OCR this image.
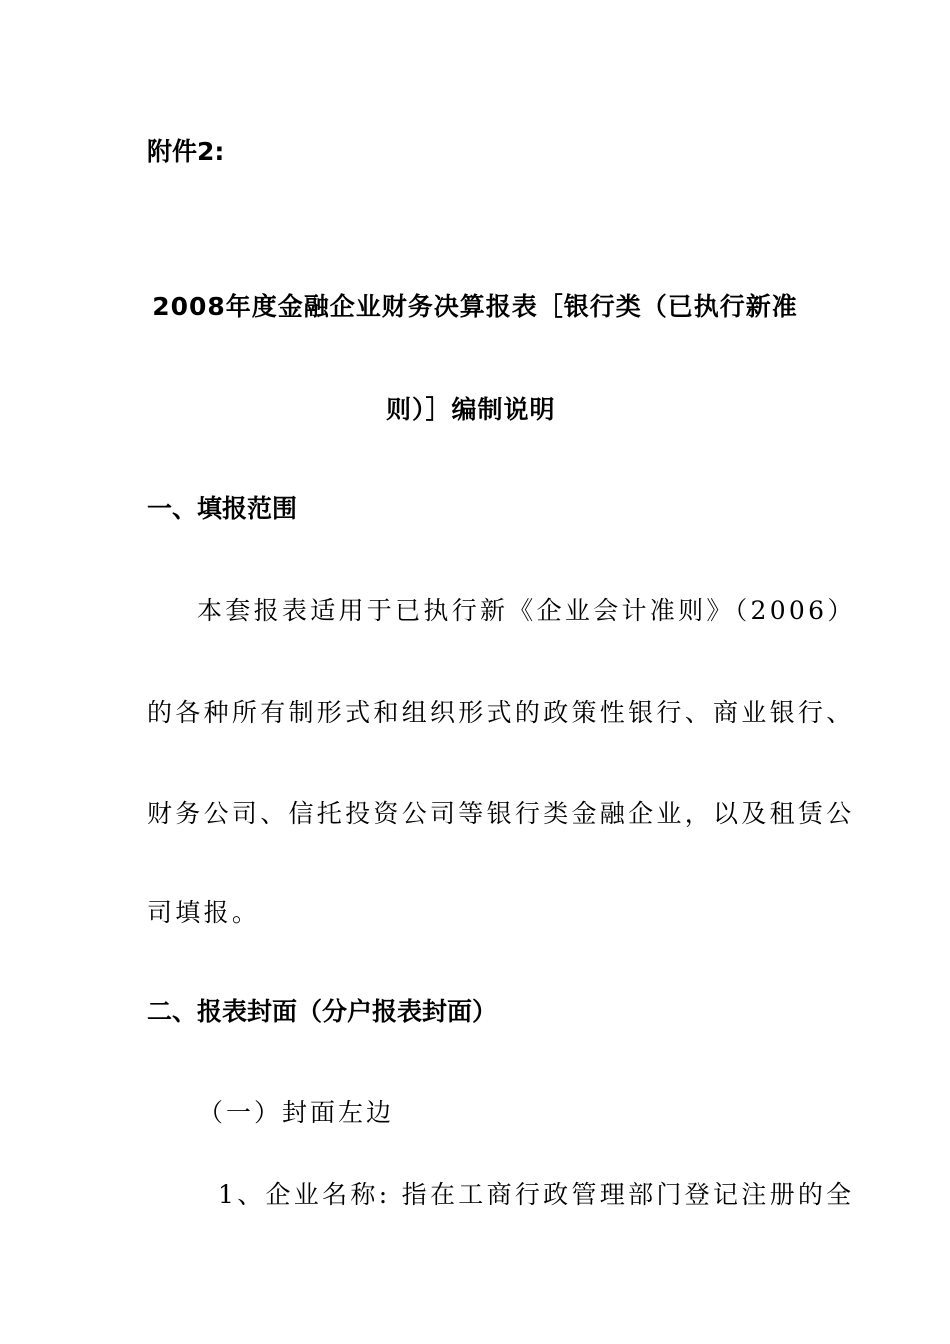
附件2:
2008年度金融企业财务决算报表［银行类（已执行新准
则）］编制说明
一、填报范围
本套报表适用于已执行新《企业会计准则》（2006）
的各种所有制形式和组织形式的政策性银行、商业银行、
财务公司、信托投资公司等银行类金融企业，以及租赁公
司填报。
二、报表封面（分户报表封面）
（一）封面左边
1、企业名称: 指在工商行政管理部门登记注册的全
